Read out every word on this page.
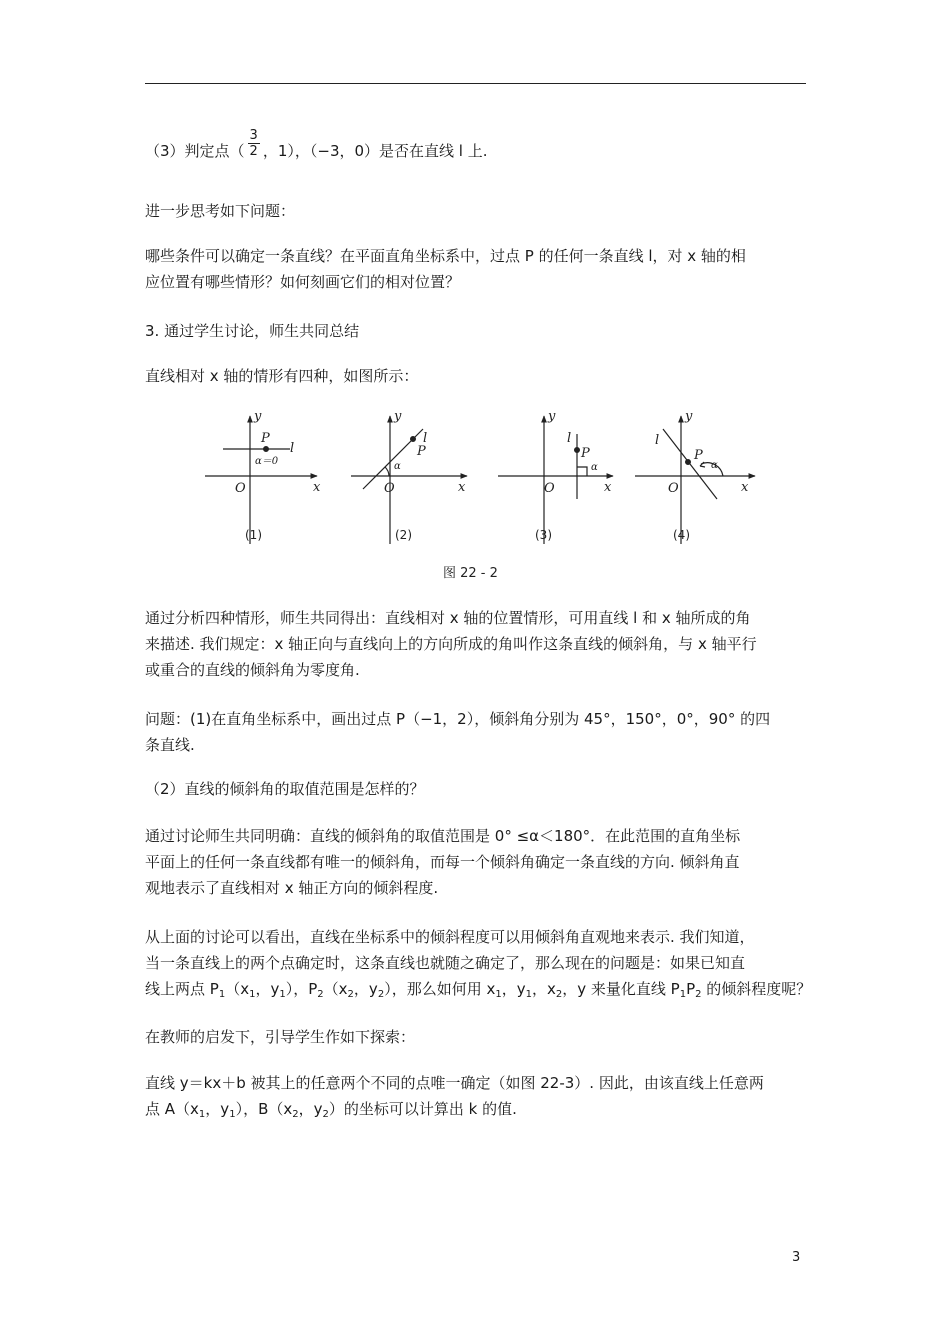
（3）判定点（ $\frac{3}{2}$ ，1），（−3，0）是否在直线 l 上.
进一步思考如下问题：
哪些条件可以确定一条直线？在平面直角坐标系中，过点 P 的任何一条直线 l，对 x 轴的相
应位置有哪些情形？如何刻画它们的相对位置？
3. 通过学生讨论，师生共同总结
直线相对 x 轴的情形有四种，如图所示：
y
x
O
P
l
α＝0
y
x
O
P
l
α
y
x
O
P
l
α
y
x
O
P
l
α
(1)	(2)	(3)	(4)
图 22 - 2
通过分析四种情形，师生共同得出：直线相对 x 轴的位置情形，可用直线 l 和 x 轴所成的角
来描述. 我们规定：x 轴正向与直线向上的方向所成的角叫作这条直线的倾斜角，与 x 轴平行
或重合的直线的倾斜角为零度角.
问题：(1)在直角坐标系中，画出过点 P（−1，2），倾斜角分别为 45°，150°，0°，90° 的四
条直线.
（2）直线的倾斜角的取值范围是怎样的？
通过讨论师生共同明确：直线的倾斜角的取值范围是 0° ≤α＜180°．在此范围的直角坐标
平面上的任何一条直线都有唯一的倾斜角，而每一个倾斜角确定一条直线的方向. 倾斜角直
观地表示了直线相对 x 轴正方向的倾斜程度.
从上面的讨论可以看出，直线在坐标系中的倾斜程度可以用倾斜角直观地来表示. 我们知道，
当一条直线上的两个点确定时，这条直线也就随之确定了，那么现在的问题是：如果已知直
线上两点 $P_1(x_1$，$y_1$），$P_2(x_2$，$y_2$），那么如何用 $x_1$，$y_1$，$x_2$，y 来量化直线 $P_1P_2$ 的倾斜程度呢？
在教师的启发下，引导学生作如下探索：
直线 y＝kx＋b 被其上的任意两个不同的点唯一确定（如图 22-3）. 因此，由该直线上任意两
点 $A(x_1$，$y_1$），$B(x_2$，$y_2$）的坐标可以计算出 k 的值.
3
